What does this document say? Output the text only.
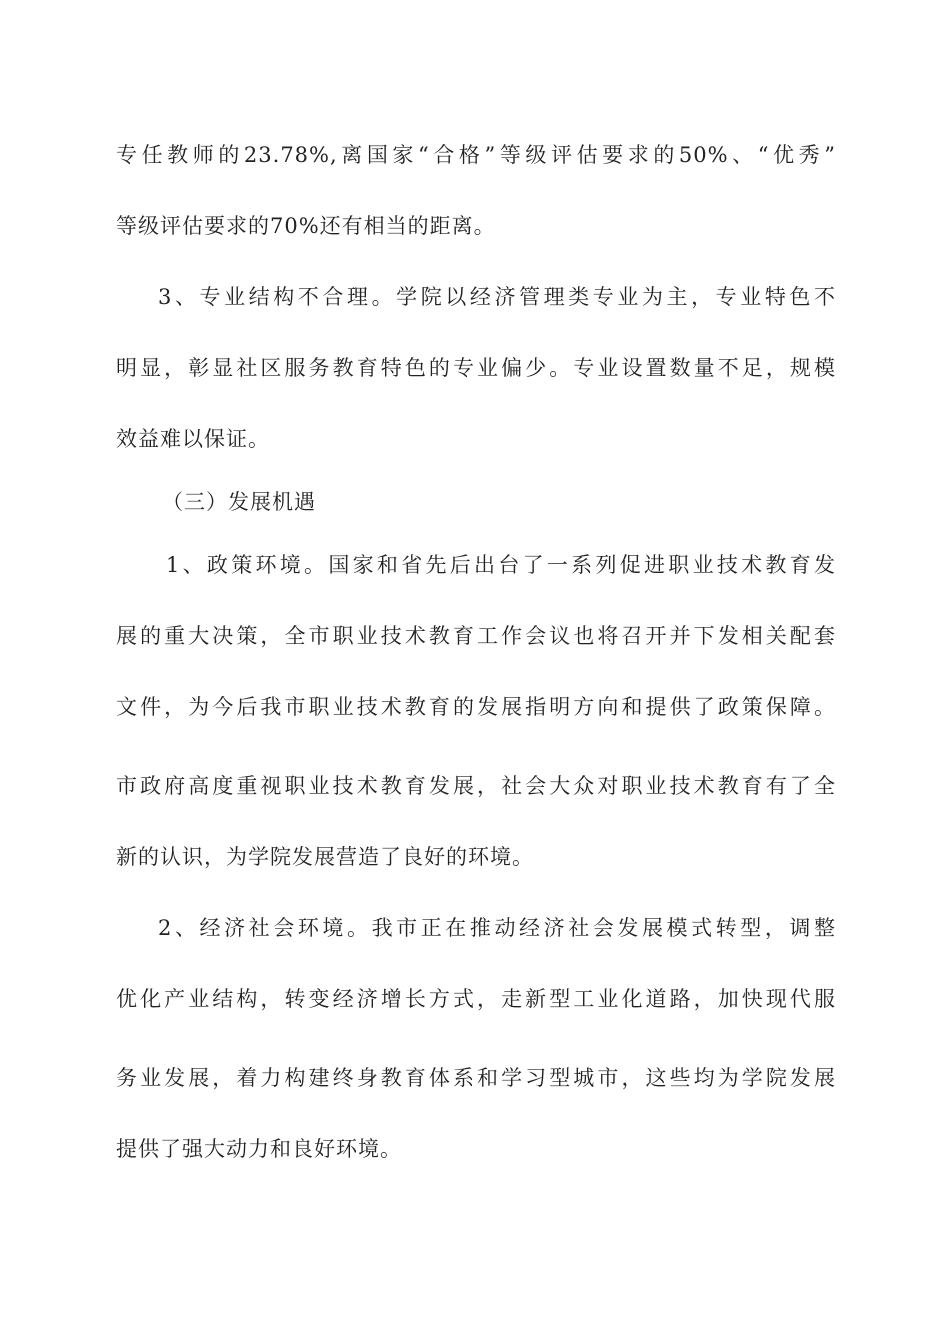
专任教师的23.78%,离国家“合格”等级评估要求的50%、“优秀”
等级评估要求的70%还有相当的距离。
3、专业结构不合理。学院以经济管理类专业为主，专业特色不
明显，彰显社区服务教育特色的专业偏少。专业设置数量不足，规模
效益难以保证。
（三）发展机遇
1、政策环境。国家和省先后出台了一系列促进职业技术教育发
展的重大决策，全市职业技术教育工作会议也将召开并下发相关配套
文件，为今后我市职业技术教育的发展指明方向和提供了政策保障。
市政府高度重视职业技术教育发展，社会大众对职业技术教育有了全
新的认识，为学院发展营造了良好的环境。
2、经济社会环境。我市正在推动经济社会发展模式转型，调整
优化产业结构，转变经济增长方式，走新型工业化道路，加快现代服
务业发展，着力构建终身教育体系和学习型城市，这些均为学院发展
提供了强大动力和良好环境。
